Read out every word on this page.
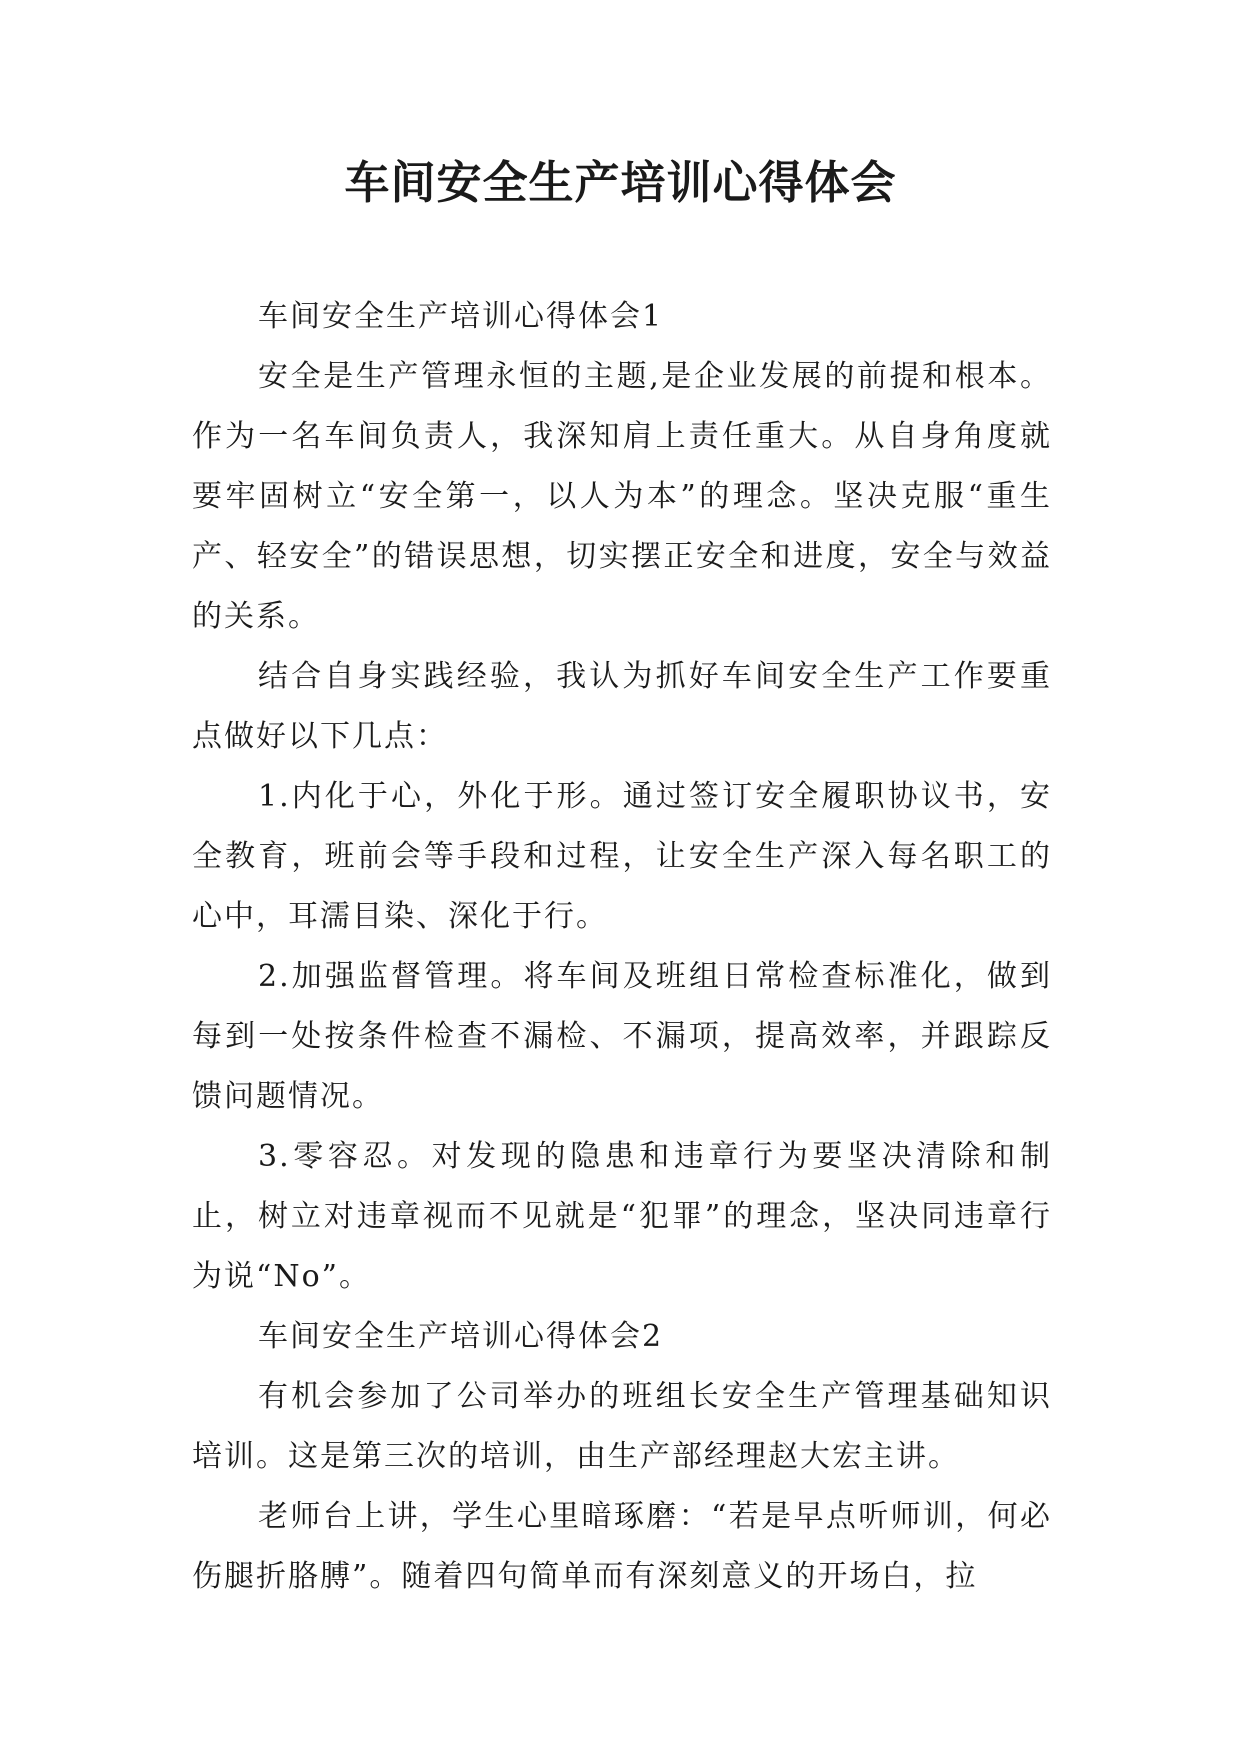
车间安全生产培训心得体会

车间安全生产培训心得体会1

安全是生产管理永恒的主题,是企业发展的前提和根本。作为一名车间负责人，我深知肩上责任重大。从自身角度就要牢固树立“安全第一，以人为本”的理念。坚决克服“重生产、轻安全”的错误思想，切实摆正安全和进度，安全与效益的关系。

结合自身实践经验，我认为抓好车间安全生产工作要重点做好以下几点：

1.内化于心，外化于形。通过签订安全履职协议书，安全教育，班前会等手段和过程，让安全生产深入每名职工的心中，耳濡目染、深化于行。

2.加强监督管理。将车间及班组日常检查标准化，做到每到一处按条件检查不漏检、不漏项，提高效率，并跟踪反馈问题情况。

3.零容忍。对发现的隐患和违章行为要坚决清除和制止，树立对违章视而不见就是“犯罪”的理念，坚决同违章行为说“No”。

车间安全生产培训心得体会2

有机会参加了公司举办的班组长安全生产管理基础知识培训。这是第三次的培训，由生产部经理赵大宏主讲。

老师台上讲，学生心里暗琢磨：“若是早点听师训，何必伤腿折胳膊”。随着四句简单而有深刻意义的开场白，拉
